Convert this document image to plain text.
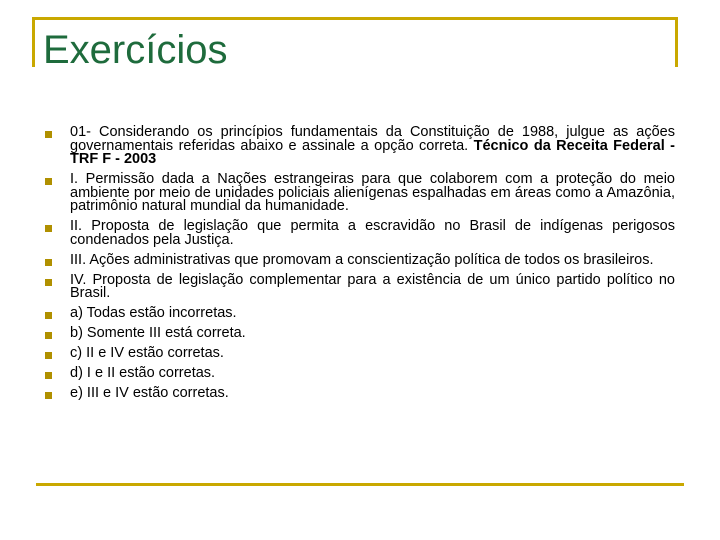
Exercícios
01- Considerando os princípios fundamentais da Constituição de 1988, julgue as ações governamentais referidas abaixo e assinale a opção correta. Técnico da Receita Federal - TRF F - 2003
I. Permissão dada a Nações estrangeiras para que colaborem com a proteção do meio ambiente por meio de unidades policiais alienígenas espalhadas em áreas como a Amazônia, patrimônio natural mundial da humanidade.
II. Proposta de legislação que permita a escravidão no Brasil de indígenas perigosos condenados pela Justiça.
III. Ações administrativas que promovam a conscientização política de todos os brasileiros.
IV. Proposta de legislação complementar para a existência de um único partido político no Brasil.
a) Todas estão incorretas.
b) Somente III está correta.
c) II e IV estão corretas.
d) I e II estão corretas.
e) III e IV estão corretas.
